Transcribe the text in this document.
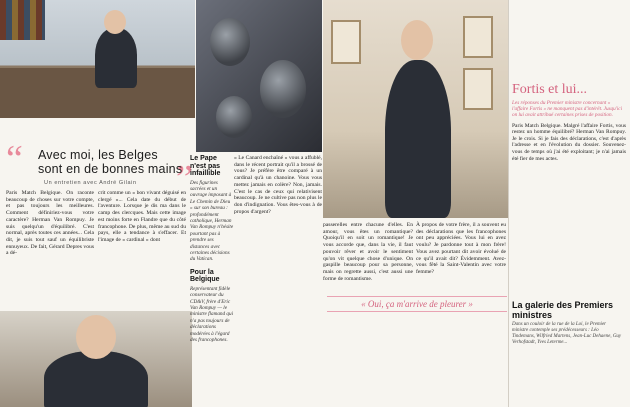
“	”
Avec moi, les Belges sont en de bonnes mains
Un entretien avec André Gilain
Paris Match Belgique. On raconte beaucoup de choses sur votre compte, et pas toujours les meilleures. Comment définiriez-vous votre caractère? Herman Van Rompuy. Je suis quelqu'un d'équilibré. C'est normal, après toutes ces années... Cela dit, je suis tout sauf un équilibriste ennuyeux. De fait, Gérard Depres vous a dé-
crit comme un « bon vivant déguisé en clergé »... Cela date du début de l'aventure. Lorsque je dis ma dans le camp des clercques. Mais cette image est moins forte en Flandre que du côté francophone. De plus, même au sud du pays, elle a tendance à s'effacer. Et l'image de « cardinal » dont
Le Pape n'est pas infaillible
Des figurines sacrées et un ouvrage imposant à Le Chemin de Dieu » sur son bureau : profondément catholique, Herman Van Rompuy n'hésite pourtant pas à prendre ses distances avec certaines décisions du Vatican.
Pour la Belgique
Représentant fidèle conservateur du CD&V, frère d'Eric Van Rompuy — le ministre flamand qui n'a pas toujours de déclarations modérées à l'égard des francophones.
« Le Canard enchaîné » vous a affublé, dans le récent portrait qu'il a brossé de vous? Je préfère être comparé à un cardinal qu'à un chanoine. Vous vous mettez jamais en colère? Non, jamais. C'est le cas de ceux qui relativisent beaucoup. Je ne cultive pas non plus le don d'indignation. Vous êtes-vous à de propos d'argent?
passerelles entre chacune d'elles. En amour, vous êtes un romantique? Quoiqu'il en soit un romantique! Je vous accorde que, dans la vie, il faut pouvoir rêver et avoir le sentiment qu'on vit quelque chose d'unique. On gaspille beaucoup pour sa personne, mais on regrette aussi, c'est aussi une forme de romantisme.
À propos de votre frère, il a souvent eu des déclarations que les francophones ont peu appréciées. Vous lui en avez voulu? Je pardonne tout à mon frère! Vous avez pourtant dit avoir évolué de ce qu'il avait dit? Évidemment. Avez-vous fêté la Saint-Valentin avec votre femme?
« Oui, ça m'arrive de pleurer »
Fortis et lui...
Les réponses du Premier ministre concernant « l'affaire Fortis » ne manquent pas d'intérêt. Jusqu'ici on lui avait attribué certaines prises de position.
Paris Match Belgique. Malgré l'affaire Fortis, vous restez un homme équilibré? Herman Van Rompuy. Je le crois. Si je fais des déclarations, c'est d'après l'adresse et en l'évolution du dossier. Souvenez-vous de temps où j'ai été exploitant; je n'ai jamais été fier de mes actes.
La galerie des Premiers ministres

Dans un couloir de la rue de la Loi, le Premier ministre contemple ses prédécesseurs : Léo Tindemans, Wilfried Martens, Jean-Luc Dehaene, Guy Verhofstadt, Yves Leterme...
